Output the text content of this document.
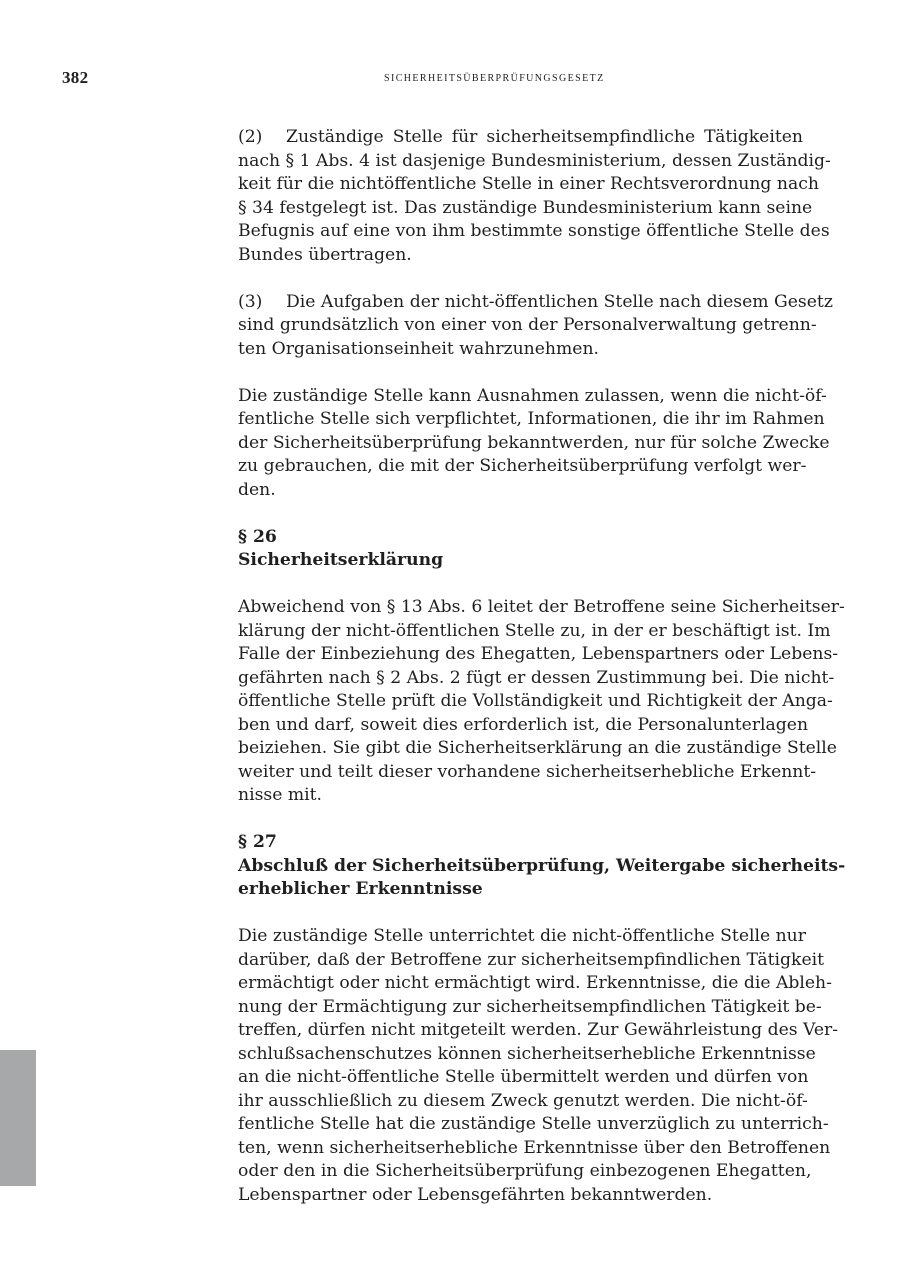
382	sicherheitsüberprüfungsgesetz

(2) Zuständige Stelle für sicherheitsempfindliche Tätigkeiten
nach § 1 Abs. 4 ist dasjenige Bundesministerium, dessen Zuständig-
keit für die nichtöffentliche Stelle in einer Rechtsverordnung nach
§ 34 festgelegt ist. Das zuständige Bundesministerium kann seine
Befugnis auf eine von ihm bestimmte sonstige öffentliche Stelle des
Bundes übertragen.

(3) Die Aufgaben der nicht-öffentlichen Stelle nach diesem Gesetz
sind grundsätzlich von einer von der Personalverwaltung getrenn-
ten Organisationseinheit wahrzunehmen.

Die zuständige Stelle kann Ausnahmen zulassen, wenn die nicht-öf-
fentliche Stelle sich verpflichtet, Informationen, die ihr im Rahmen
der Sicherheitsüberprüfung bekanntwerden, nur für solche Zwecke
zu gebrauchen, die mit der Sicherheitsüberprüfung verfolgt wer-
den.

§ 26
Sicherheitserklärung

Abweichend von § 13 Abs. 6 leitet der Betroffene seine Sicherheitser-
klärung der nicht-öffentlichen Stelle zu, in der er beschäftigt ist. Im
Falle der Einbeziehung des Ehegatten, Lebenspartners oder Lebens-
gefährten nach § 2 Abs. 2 fügt er dessen Zustimmung bei. Die nicht-
öffentliche Stelle prüft die Vollständigkeit und Richtigkeit der Anga-
ben und darf, soweit dies erforderlich ist, die Personalunterlagen
beiziehen. Sie gibt die Sicherheitserklärung an die zuständige Stelle
weiter und teilt dieser vorhandene sicherheitserhebliche Erkennt-
nisse mit.

§ 27
Abschluß der Sicherheitsüberprüfung, Weitergabe sicherheits-
erheblicher Erkenntnisse

Die zuständige Stelle unterrichtet die nicht-öffentliche Stelle nur
darüber, daß der Betroffene zur sicherheitsempfindlichen Tätigkeit
ermächtigt oder nicht ermächtigt wird. Erkenntnisse, die die Ableh-
nung der Ermächtigung zur sicherheitsempfindlichen Tätigkeit be-
treffen, dürfen nicht mitgeteilt werden. Zur Gewährleistung des Ver-
schlußsachenschutzes können sicherheitserhebliche Erkenntnisse
an die nicht-öffentliche Stelle übermittelt werden und dürfen von
ihr ausschließlich zu diesem Zweck genutzt werden. Die nicht-öf-
fentliche Stelle hat die zuständige Stelle unverzüglich zu unterrich-
ten, wenn sicherheitserhebliche Erkenntnisse über den Betroffenen
oder den in die Sicherheitsüberprüfung einbezogenen Ehegatten,
Lebenspartner oder Lebensgefährten bekanntwerden.
